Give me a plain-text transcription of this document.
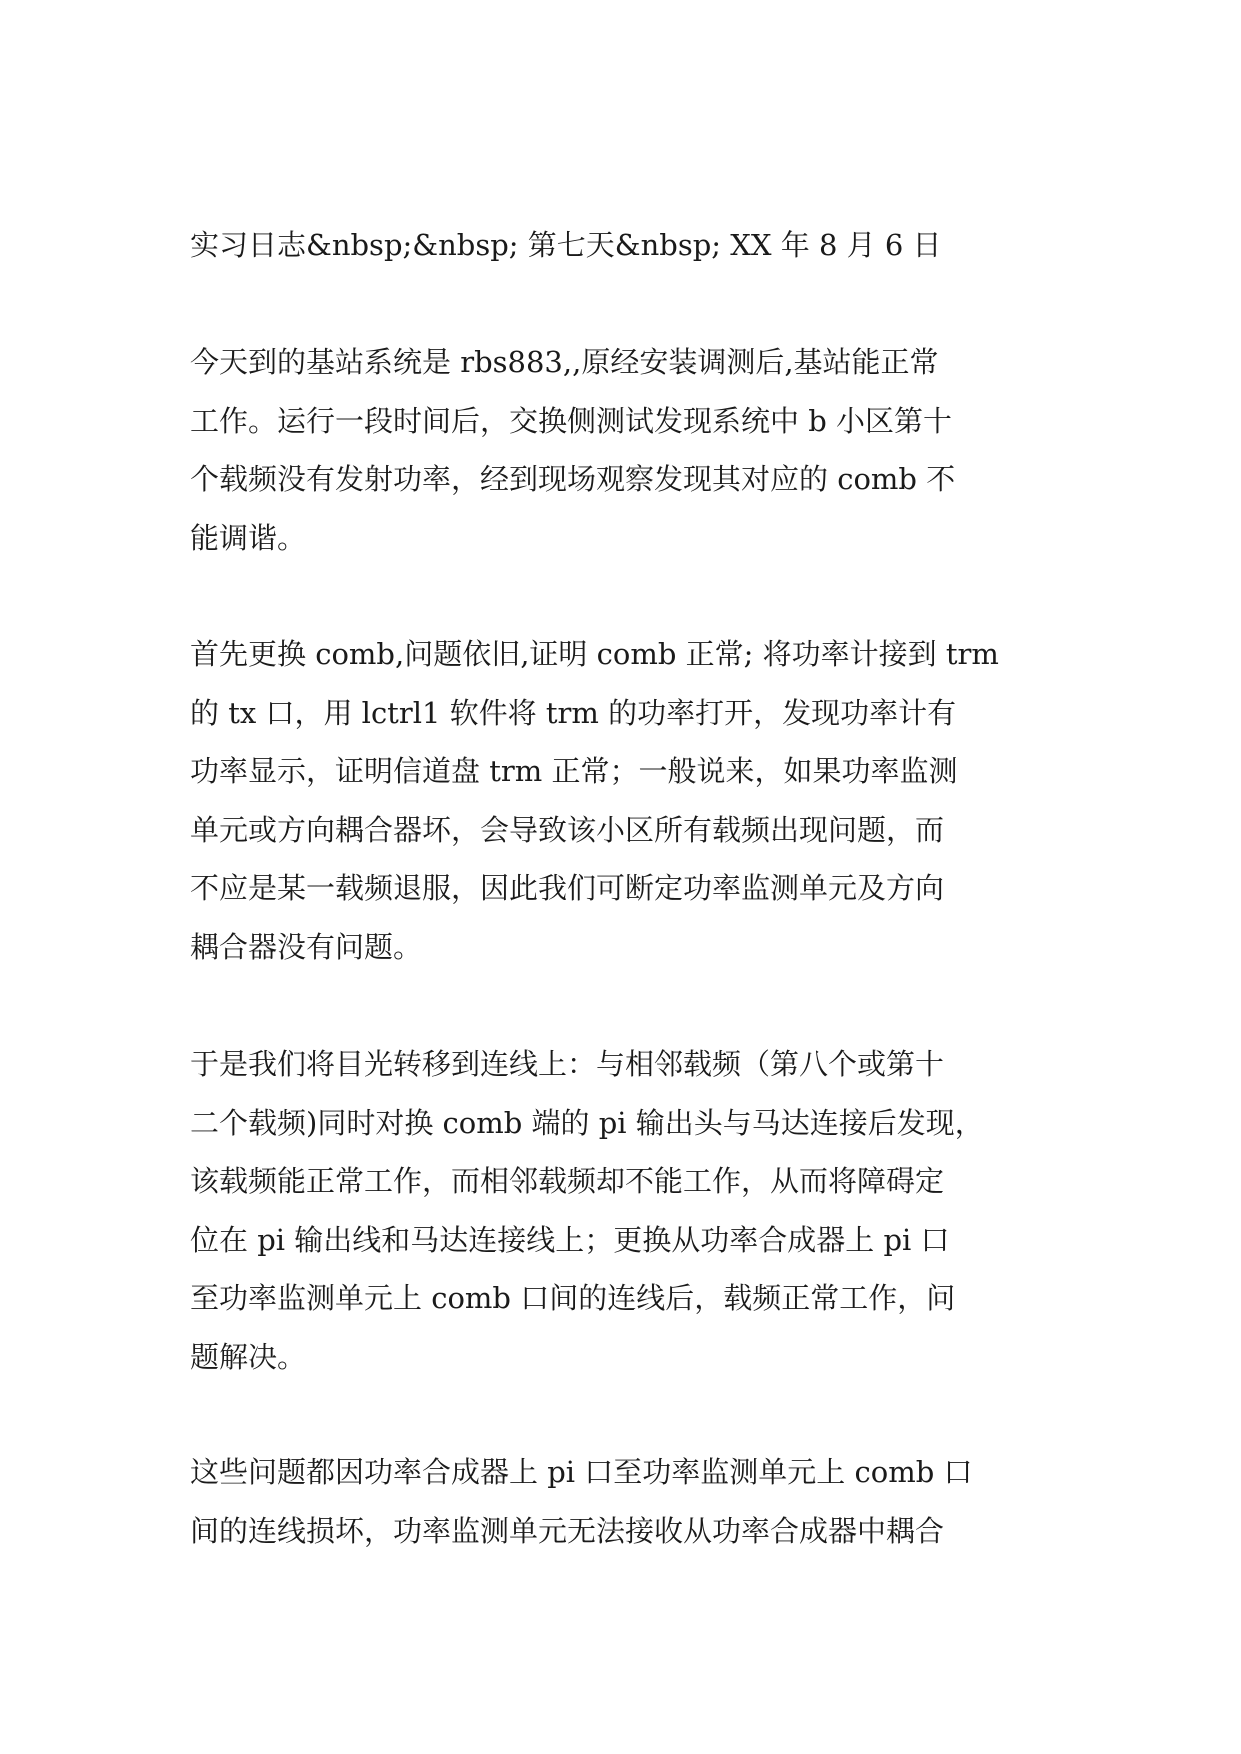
实习日志&nbsp;&nbsp; 第七天&nbsp; XX 年 8 月 6 日
今天到的基站系统是 rbs883,,原经安装调测后,基站能正常
工作。运行一段时间后，交换侧测试发现系统中 b 小区第十
个载频没有发射功率，经到现场观察发现其对应的 comb 不
能调谐。
首先更换 comb,问题依旧,证明 comb 正常; 将功率计接到 trm
的 tx 口，用 lctrl1 软件将 trm 的功率打开，发现功率计有
功率显示，证明信道盘 trm 正常；一般说来，如果功率监测
单元或方向耦合器坏，会导致该小区所有载频出现问题，而
不应是某一载频退服，因此我们可断定功率监测单元及方向
耦合器没有问题。
于是我们将目光转移到连线上：与相邻载频（第八个或第十
二个载频)同时对换 comb 端的 pi 输出头与马达连接后发现，
该载频能正常工作，而相邻载频却不能工作，从而将障碍定
位在 pi 输出线和马达连接线上；更换从功率合成器上 pi 口
至功率监测单元上 comb 口间的连线后，载频正常工作，问
题解决。
这些问题都因功率合成器上 pi 口至功率监测单元上 comb 口
间的连线损坏，功率监测单元无法接收从功率合成器中耦合
